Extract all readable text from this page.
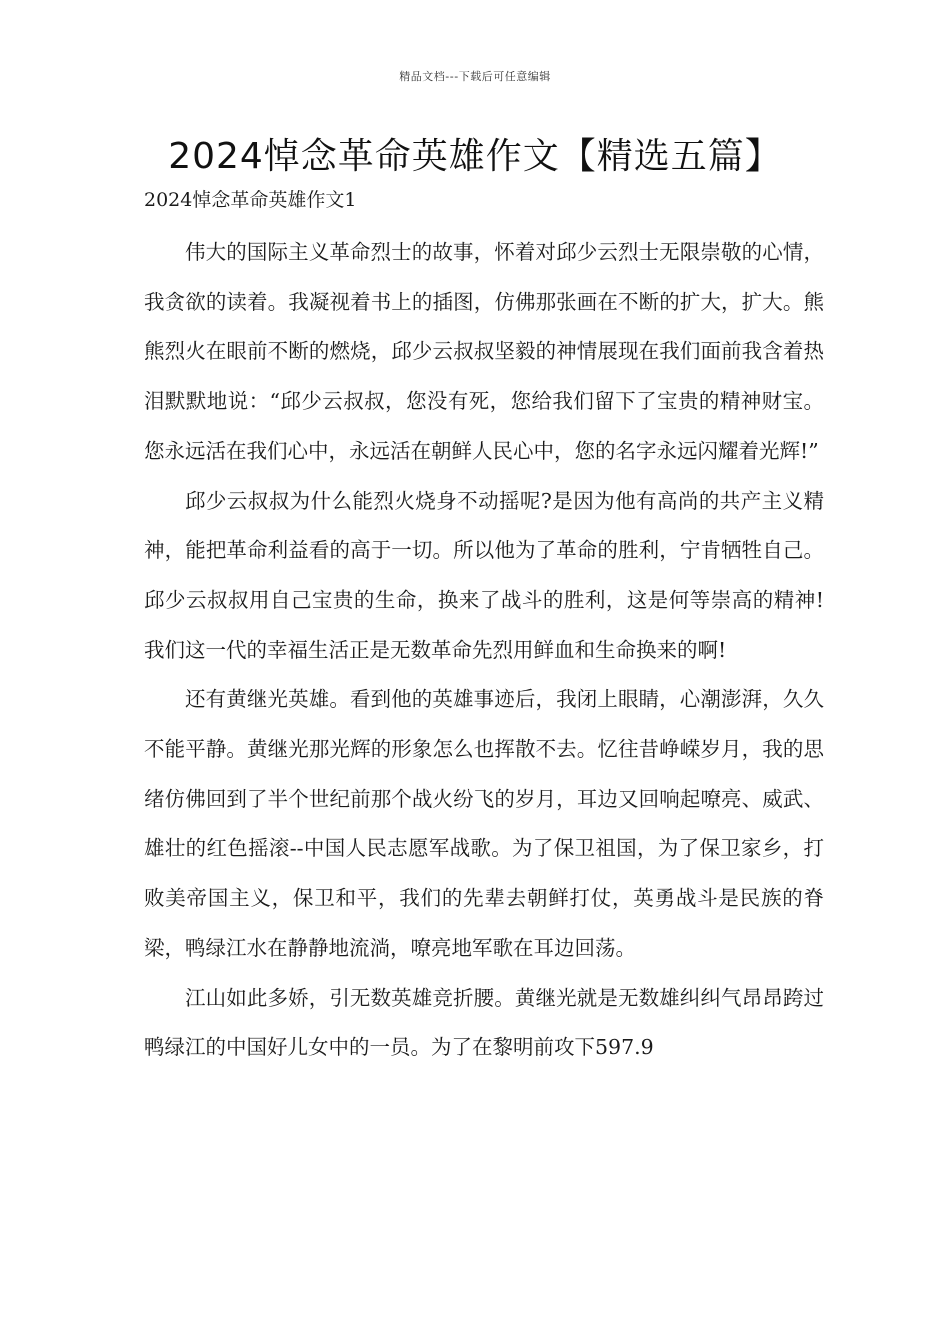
精品文档---下载后可任意编辑
2024悼念革命英雄作文【精选五篇】
2024悼念革命英雄作文1

伟大的国际主义革命烈士的故事，怀着对邱少云烈士无限崇敬的心情，我贪欲的读着。我凝视着书上的插图，仿佛那张画在不断的扩大，扩大。熊熊烈火在眼前不断的燃烧，邱少云叔叔坚毅的神情展现在我们面前我含着热泪默默地说：“邱少云叔叔，您没有死，您给我们留下了宝贵的精神财宝。您永远活在我们心中，永远活在朝鲜人民心中，您的名字永远闪耀着光辉!”

邱少云叔叔为什么能烈火烧身不动摇呢?是因为他有高尚的共产主义精神，能把革命利益看的高于一切。所以他为了革命的胜利，宁肯牺牲自己。邱少云叔叔用自己宝贵的生命，换来了战斗的胜利，这是何等崇高的精神!我们这一代的幸福生活正是无数革命先烈用鲜血和生命换来的啊!

还有黄继光英雄。看到他的英雄事迹后，我闭上眼睛，心潮澎湃，久久不能平静。黄继光那光辉的形象怎么也挥散不去。忆往昔峥嵘岁月，我的思绪仿佛回到了半个世纪前那个战火纷飞的岁月，耳边又回响起嘹亮、威武、雄壮的红色摇滚--中国人民志愿军战歌。为了保卫祖国，为了保卫家乡，打败美帝国主义，保卫和平，我们的先辈去朝鲜打仗，英勇战斗是民族的脊梁，鸭绿江水在静静地流淌，嘹亮地军歌在耳边回荡。

江山如此多娇，引无数英雄竞折腰。黄继光就是无数雄纠纠气昂昂跨过鸭绿江的中国好儿女中的一员。为了在黎明前攻下597.9
